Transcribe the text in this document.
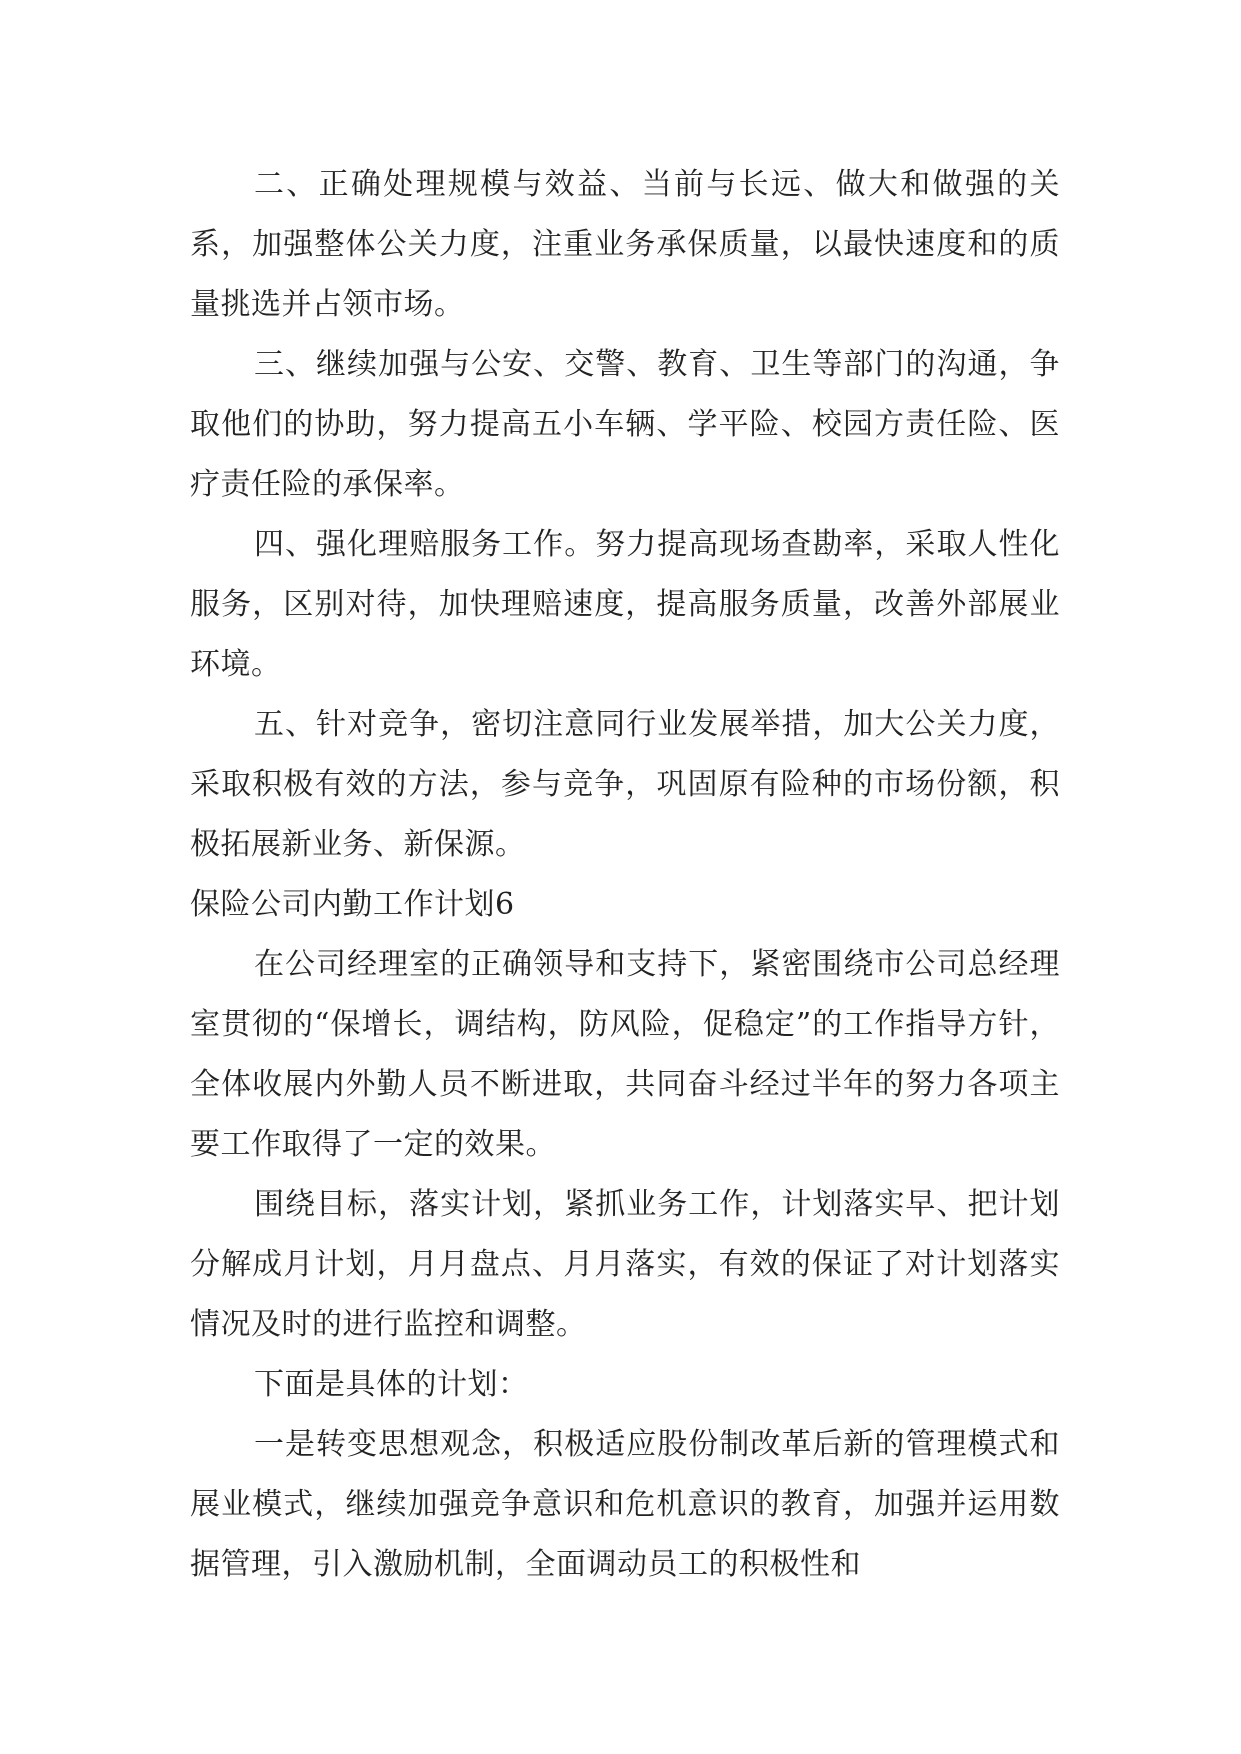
二、正确处理规模与效益、当前与长远、做大和做强的关系，加强整体公关力度，注重业务承保质量，以最快速度和的质量挑选并占领市场。

三、继续加强与公安、交警、教育、卫生等部门的沟通，争取他们的协助，努力提高五小车辆、学平险、校园方责任险、医疗责任险的承保率。

四、强化理赔服务工作。努力提高现场查勘率，采取人性化服务，区别对待，加快理赔速度，提高服务质量，改善外部展业环境。

五、针对竞争，密切注意同行业发展举措，加大公关力度，采取积极有效的方法，参与竞争，巩固原有险种的市场份额，积极拓展新业务、新保源。

保险公司内勤工作计划6

在公司经理室的正确领导和支持下，紧密围绕市公司总经理室贯彻的“保增长，调结构，防风险，促稳定”的工作指导方针，全体收展内外勤人员不断进取，共同奋斗经过半年的努力各项主要工作取得了一定的效果。

围绕目标，落实计划，紧抓业务工作，计划落实早、把计划分解成月计划，月月盘点、月月落实，有效的保证了对计划落实情况及时的进行监控和调整。

下面是具体的计划：

一是转变思想观念，积极适应股份制改革后新的管理模式和展业模式，继续加强竞争意识和危机意识的教育，加强并运用数据管理，引入激励机制，全面调动员工的积极性和
